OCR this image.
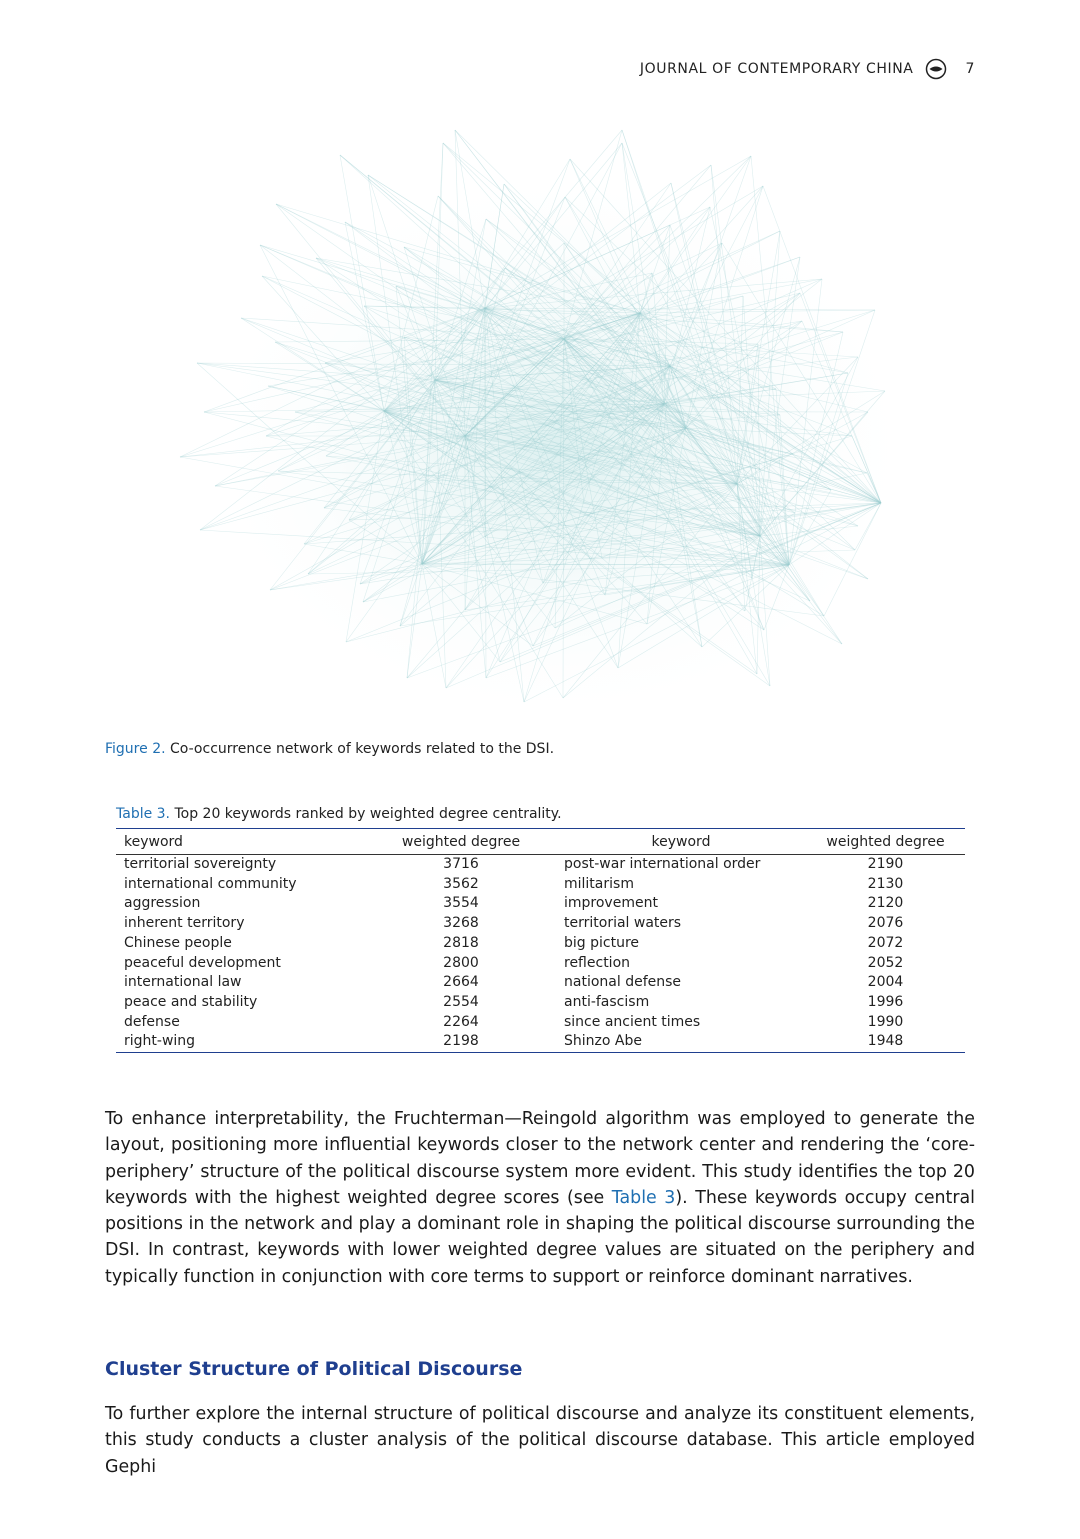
JOURNAL OF CONTEMPORARY CHINA	7
Figure 2. Co-occurrence network of keywords related to the DSI.
Table 3. Top 20 keywords ranked by weighted degree centrality.
keyword	weighted degree	keyword	weighted degree
territorial sovereignty	3716	post-war international order	2190
international community	3562	militarism	2130
aggression	3554	improvement	2120
inherent territory	3268	territorial waters	2076
Chinese people	2818	big picture	2072
peaceful development	2800	reflection	2052
international law	2664	national defense	2004
peace and stability	2554	anti-fascism	1996
defense	2264	since ancient times	1990
right-wing	2198	Shinzo Abe	1948
To enhance interpretability, the Fruchterman—Reingold algorithm was employed to generate the layout, positioning more influential keywords closer to the network center and rendering the ‘core-periphery’ structure of the political discourse system more evident. This study identifies the top 20 keywords with the highest weighted degree scores (see Table 3). These keywords occupy central positions in the network and play a dominant role in shaping the political discourse surrounding the DSI. In contrast, keywords with lower weighted degree values are situated on the periphery and typically function in conjunction with core terms to support or reinforce dominant narratives.
Cluster Structure of Political Discourse
To further explore the internal structure of political discourse and analyze its constituent elements, this study conducts a cluster analysis of the political discourse database. This article employed Gephi
